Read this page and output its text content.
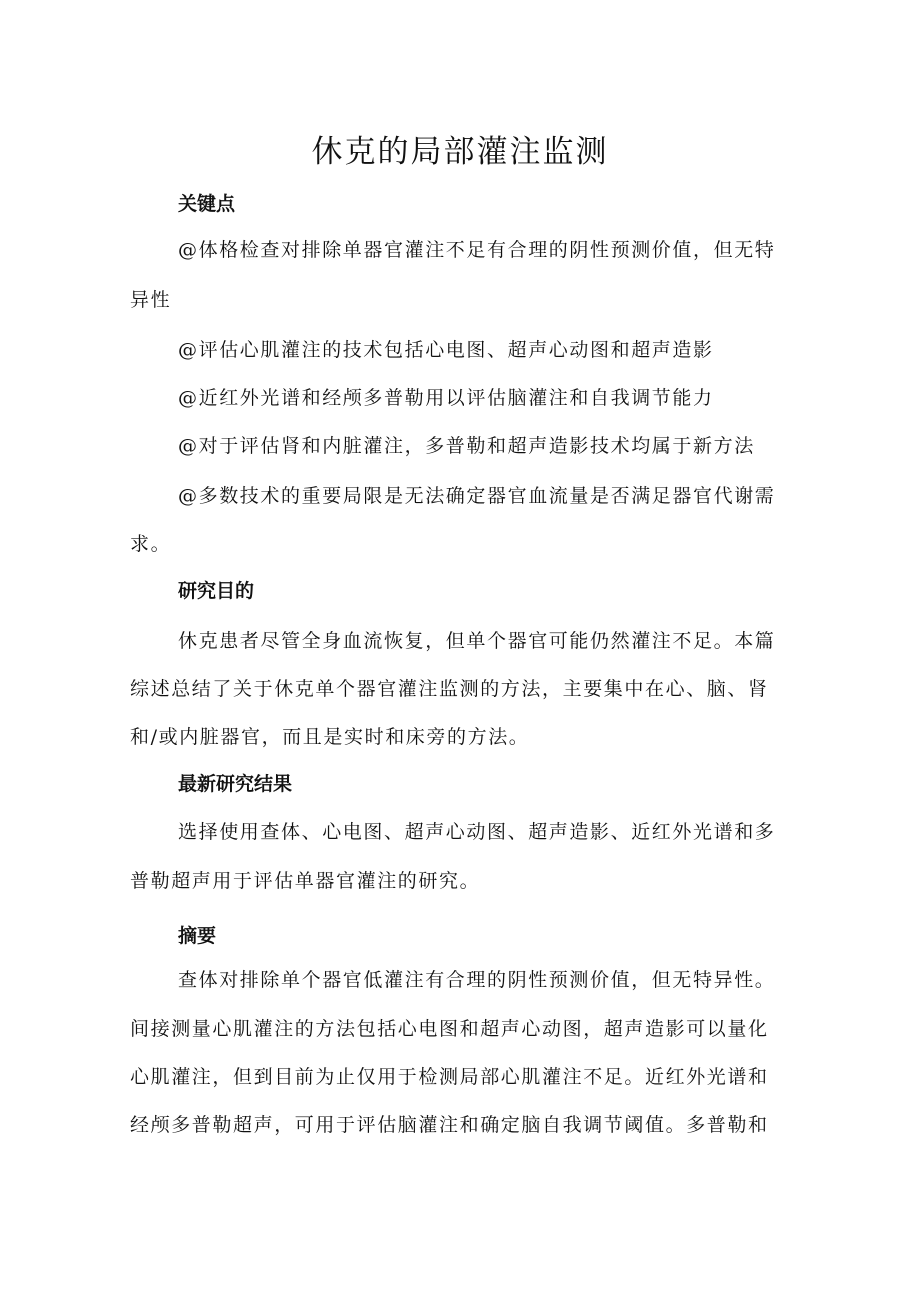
休克的局部灌注监测
关键点

@体格检查对排除单器官灌注不足有合理的阴性预测价值，但无特

异性

@评估心肌灌注的技术包括心电图、超声心动图和超声造影

@近红外光谱和经颅多普勒用以评估脑灌注和自我调节能力

@对于评估肾和内脏灌注，多普勒和超声造影技术均属于新方法

@多数技术的重要局限是无法确定器官血流量是否满足器官代谢需

求。

研究目的

休克患者尽管全身血流恢复，但单个器官可能仍然灌注不足。本篇

综述总结了关于休克单个器官灌注监测的方法，主要集中在心、脑、肾

和/或内脏器官，而且是实时和床旁的方法。

最新研究结果

选择使用查体、心电图、超声心动图、超声造影、近红外光谱和多

普勒超声用于评估单器官灌注的研究。

摘要

查体对排除单个器官低灌注有合理的阴性预测价值，但无特异性。

间接测量心肌灌注的方法包括心电图和超声心动图，超声造影可以量化

心肌灌注，但到目前为止仅用于检测局部心肌灌注不足。近红外光谱和

经颅多普勒超声，可用于评估脑灌注和确定脑自我调节阈值。多普勒和
